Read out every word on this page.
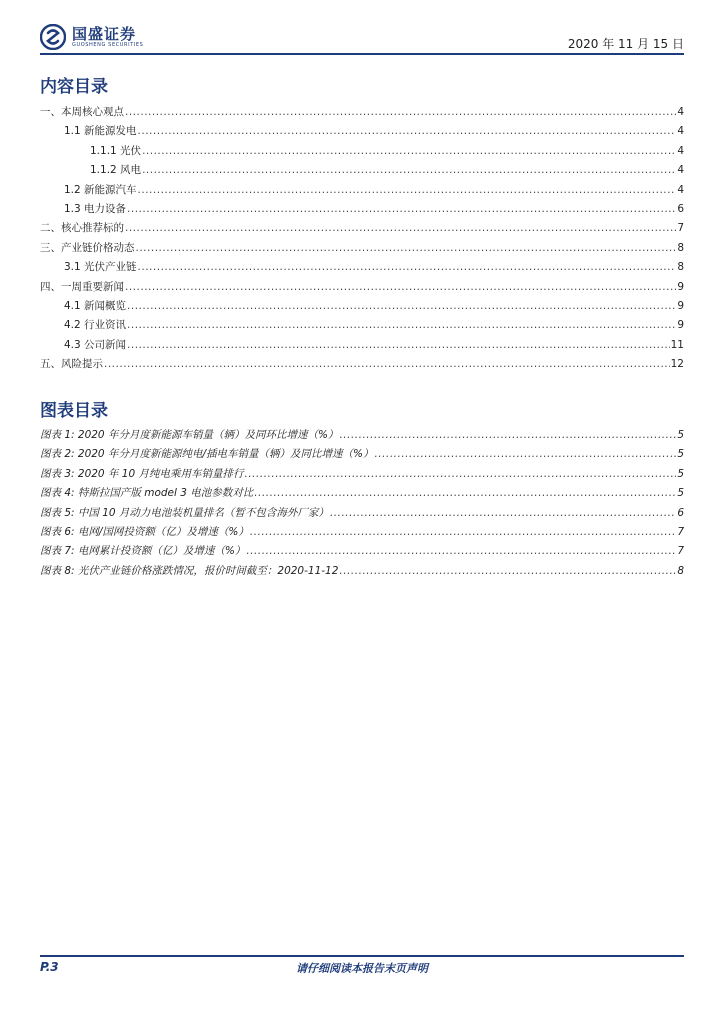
国盛证券
GUOSHENG SECURITIES	2020 年 11 月 15 日
内容目录
一、本周核心观点 .....	4
1.1 新能源发电 .....	4
1.1.1 光伏 .....	4
1.1.2 风电 .....	4
1.2 新能源汽车 .....	4
1.3 电力设备 .....	6
二、核心推荐标的 .....	7
三、产业链价格动态 .....	8
3.1 光伏产业链 .....	8
四、一周重要新闻 .....	9
4.1 新闻概览 .....	9
4.2 行业资讯 .....	9
4.3 公司新闻 .....	11
五、风险提示 .....	12
图表目录
图表 1: 2020 年分月度新能源车销量（辆）及同环比增速（%） .....	5
图表 2: 2020 年分月度新能源纯电/插电车销量（辆）及同比增速（%） .....	5
图表 3: 2020 年 10 月纯电乘用车销量排行 .....	5
图表 4: 特斯拉国产版 model 3 电池参数对比 .....	5
图表 5: 中国 10 月动力电池装机量排名（暂不包含海外厂家） .....	6
图表 6: 电网/国网投资额（亿）及增速（%） .....	7
图表 7: 电网累计投资额（亿）及增速（%） .....	7
图表 8: 光伏产业链价格涨跌情况，报价时间截至：2020-11-12 .....	8
请仔细阅读本报告末页声明
P.3
